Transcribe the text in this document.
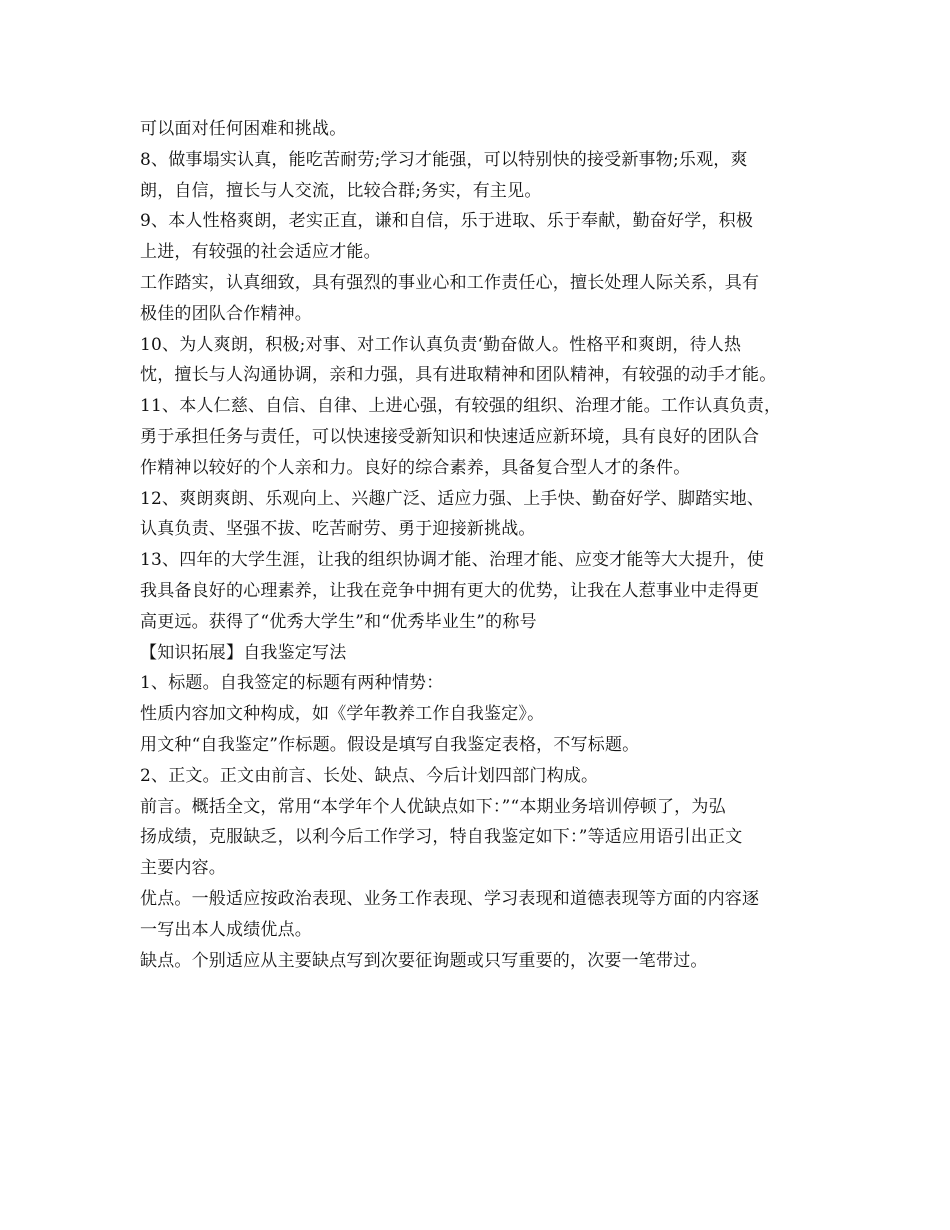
可以面对任何困难和挑战。
8、做事塌实认真，能吃苦耐劳;学习才能强，可以特别快的接受新事物;乐观，爽
朗，自信，擅长与人交流，比较合群;务实，有主见。
9、本人性格爽朗，老实正直，谦和自信，乐于进取、乐于奉献，勤奋好学，积极
上进，有较强的社会适应才能。
工作踏实，认真细致，具有强烈的事业心和工作责任心，擅长处理人际关系，具有
极佳的团队合作精神。
10、为人爽朗，积极;对事、对工作认真负责‘勤奋做人。性格平和爽朗，待人热
忱，擅长与人沟通协调，亲和力强，具有进取精神和团队精神，有较强的动手才能。
11、本人仁慈、自信、自律、上进心强，有较强的组织、治理才能。工作认真负责，
勇于承担任务与责任，可以快速接受新知识和快速适应新环境，具有良好的团队合
作精神以较好的个人亲和力。良好的综合素养，具备复合型人才的条件。
12、爽朗爽朗、乐观向上、兴趣广泛、适应力强、上手快、勤奋好学、脚踏实地、
认真负责、坚强不拔、吃苦耐劳、勇于迎接新挑战。
13、四年的大学生涯，让我的组织协调才能、治理才能、应变才能等大大提升，使
我具备良好的心理素养，让我在竞争中拥有更大的优势，让我在人惹事业中走得更
高更远。获得了“优秀大学生”和“优秀毕业生”的称号
【知识拓展】自我鉴定写法
1、标题。自我签定的标题有两种情势：
性质内容加文种构成，如《学年教养工作自我鉴定》。
用文种“自我鉴定”作标题。假设是填写自我鉴定表格，不写标题。
2、正文。正文由前言、长处、缺点、今后计划四部门构成。
前言。概括全文，常用“本学年个人优缺点如下：”“本期业务培训停顿了，为弘
扬成绩，克服缺乏，以利今后工作学习，特自我鉴定如下：”等适应用语引出正文
主要内容。
优点。一般适应按政治表现、业务工作表现、学习表现和道德表现等方面的内容逐
一写出本人成绩优点。
缺点。个别适应从主要缺点写到次要征询题或只写重要的，次要一笔带过。
